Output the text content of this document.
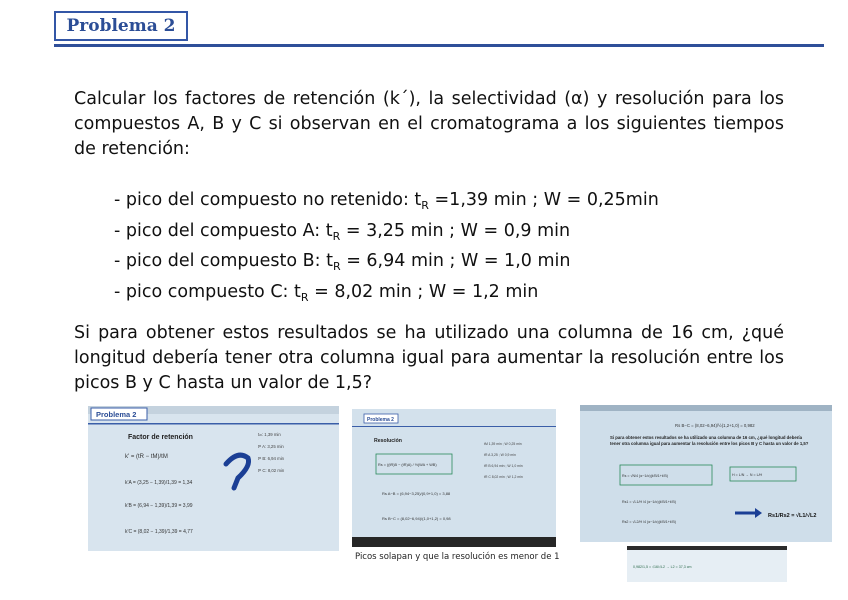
Problema 2
Calcular los factores de retención (k´), la selectividad (α) y resolución para los compuestos A, B y C si observan en el cromatograma a los siguientes tiempos de retención:
- pico del compuesto no retenido: $t_R =1,39$ min ; W = 0,25min
- pico del compuesto A: $t_R = 3,25$ min ; W = 0,9 min
- pico del compuesto B: $t_R = 6,94$ min ; W = 1,0 min
- pico compuesto C: $t_R = 8,02$ min ; W = 1,2 min
Si para obtener estos resultados se ha utilizado una columna de 16 cm, ¿qué longitud debería tener otra columna igual para aumentar la resolución entre los picos B y C hasta un valor de 1,5?
Problema 2
Factor de retención
k' = (tR − tM)/tM
k'A = (3,25 − 1,39)/1,39 = 1,34
k'B = (6,94 − 1,39)/1,39 = 3,99
k'C = (8,02 − 1,39)/1,39 = 4,77
tₘ: 1,39 min
tᴿ A: 3,25 min
tᴿ B: 6,94 min
tᴿ C: 8,02 min
Problema 2
Resolución
Rs = ((tR)B − (tR)A) / ½(WA + WB)
Rs A−B = (6,94−3,25)/(0,9+1,0) = 3,88
Rs B−C = (8,02−6,94)/(1,0+1,2) = 0,98
tM 1,39 min ; W 0,25 min
tR A 3,25 ; W 0,9 min
tR B 6,94 min ; W 1,0 min
tR C 8,02 min ; W 1,2 min
Picos solapan y que la resolución es menor de 1
Rs B−C = (8,02−6,94)/½(1,2+1,0) = 0,982
Si para obtener estos resultados se ha utilizado una columna de 16 cm, ¿qué longitud debería tener otra columna igual para aumentar la resolución entre los picos B y C hasta un valor de 1,5?
Rs = √N/4 (α−1/α)(k'B/1+k'B)	H = L/N → N = L/H
Rs1 = √L1/H /4 (α−1/α)(k'B/1+k'B)
Rs2 = √L2/H /4 (α−1/α)(k'B/1+k'B)
Rs1/Rs2 = √L1/√L2
0,982/1,5 = √16/√L2 → L2 = 37,3 cm
